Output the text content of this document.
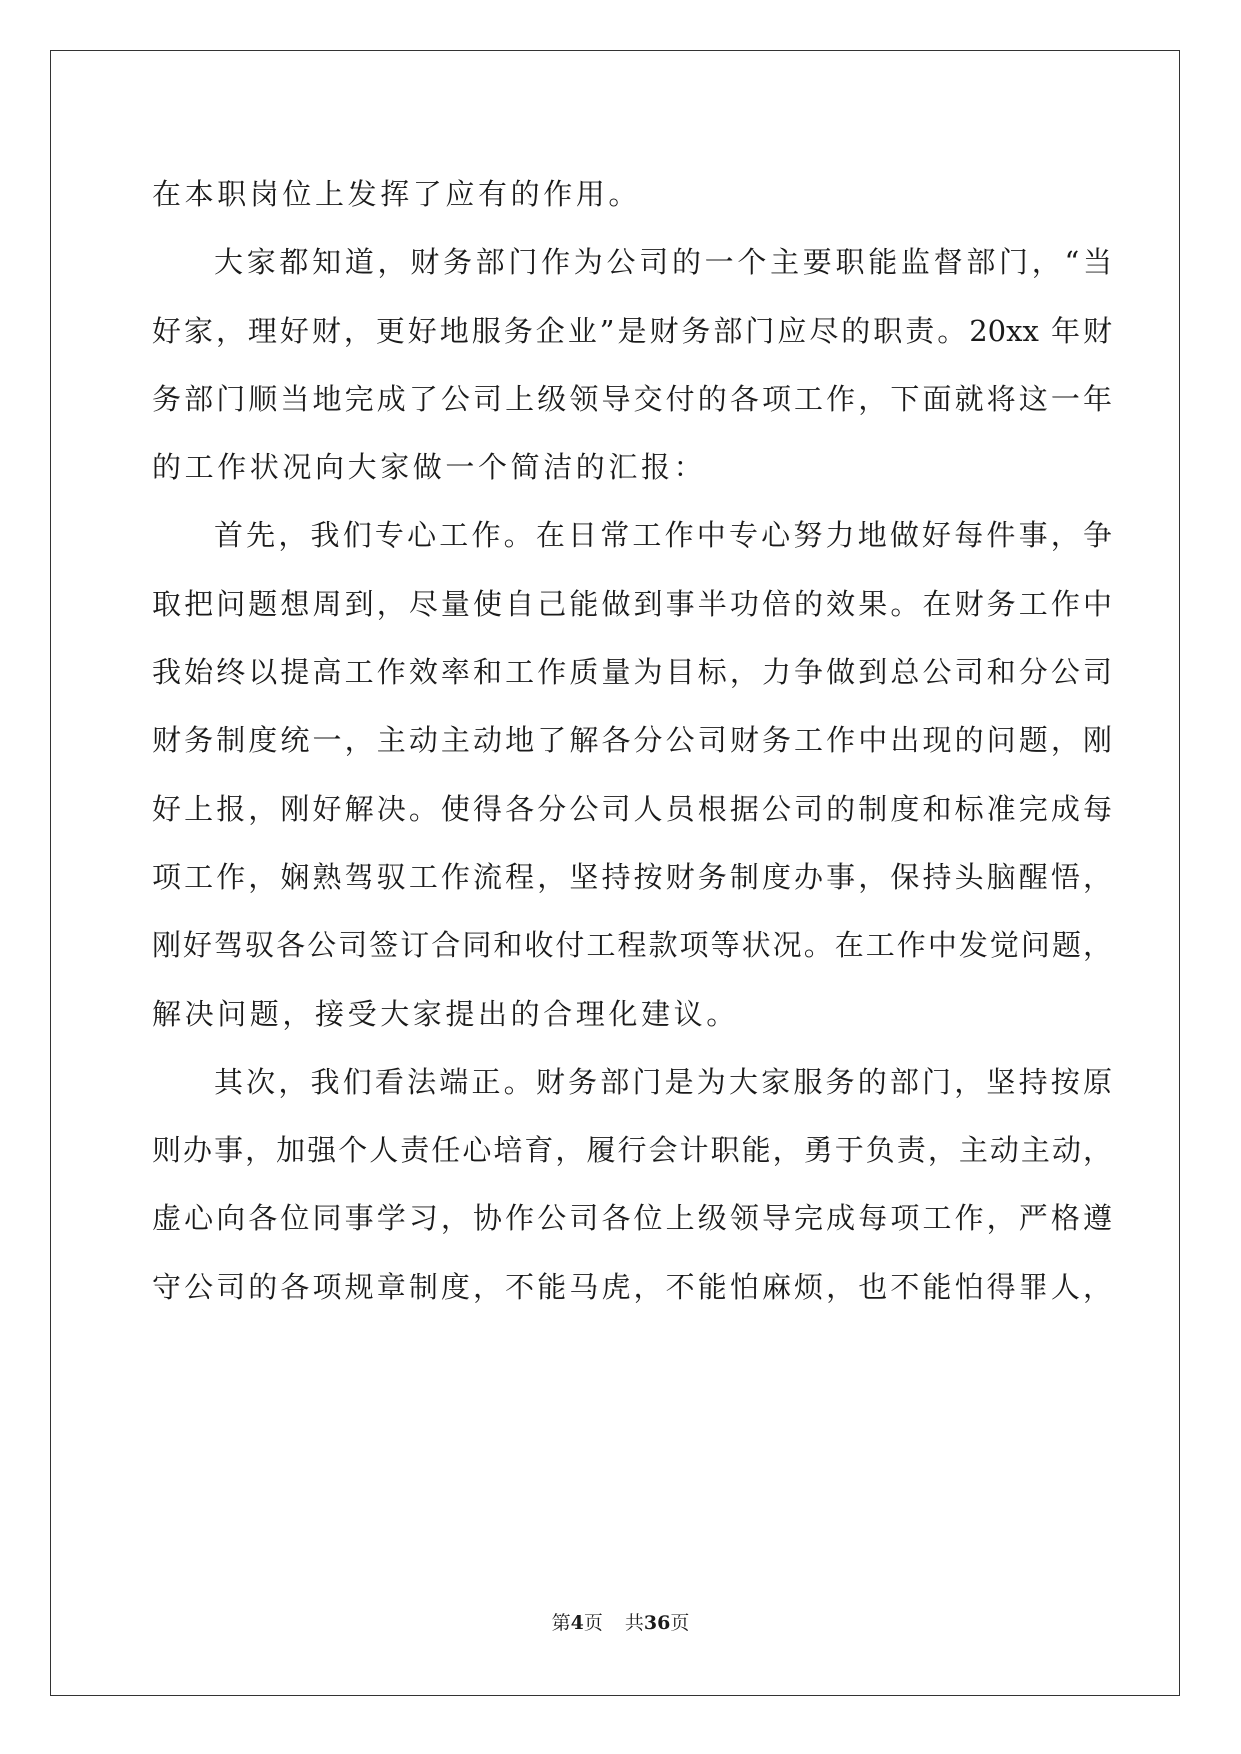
在本职岗位上发挥了应有的作用。
大家都知道，财务部门作为公司的一个主要职能监督部门，“当
好家，理好财，更好地服务企业”是财务部门应尽的职责。20xx 年财
务部门顺当地完成了公司上级领导交付的各项工作，下面就将这一年
的工作状况向大家做一个简洁的汇报：
首先，我们专心工作。在日常工作中专心努力地做好每件事，争
取把问题想周到，尽量使自己能做到事半功倍的效果。在财务工作中
我始终以提高工作效率和工作质量为目标，力争做到总公司和分公司
财务制度统一，主动主动地了解各分公司财务工作中出现的问题，刚
好上报，刚好解决。使得各分公司人员根据公司的制度和标准完成每
项工作，娴熟驾驭工作流程，坚持按财务制度办事，保持头脑醒悟，
刚好驾驭各公司签订合同和收付工程款项等状况。在工作中发觉问题，
解决问题，接受大家提出的合理化建议。
其次，我们看法端正。财务部门是为大家服务的部门，坚持按原
则办事，加强个人责任心培育，履行会计职能，勇于负责，主动主动，
虚心向各位同事学习，协作公司各位上级领导完成每项工作，严格遵
守公司的各项规章制度，不能马虎，不能怕麻烦，也不能怕得罪人，
第4页 共36页
